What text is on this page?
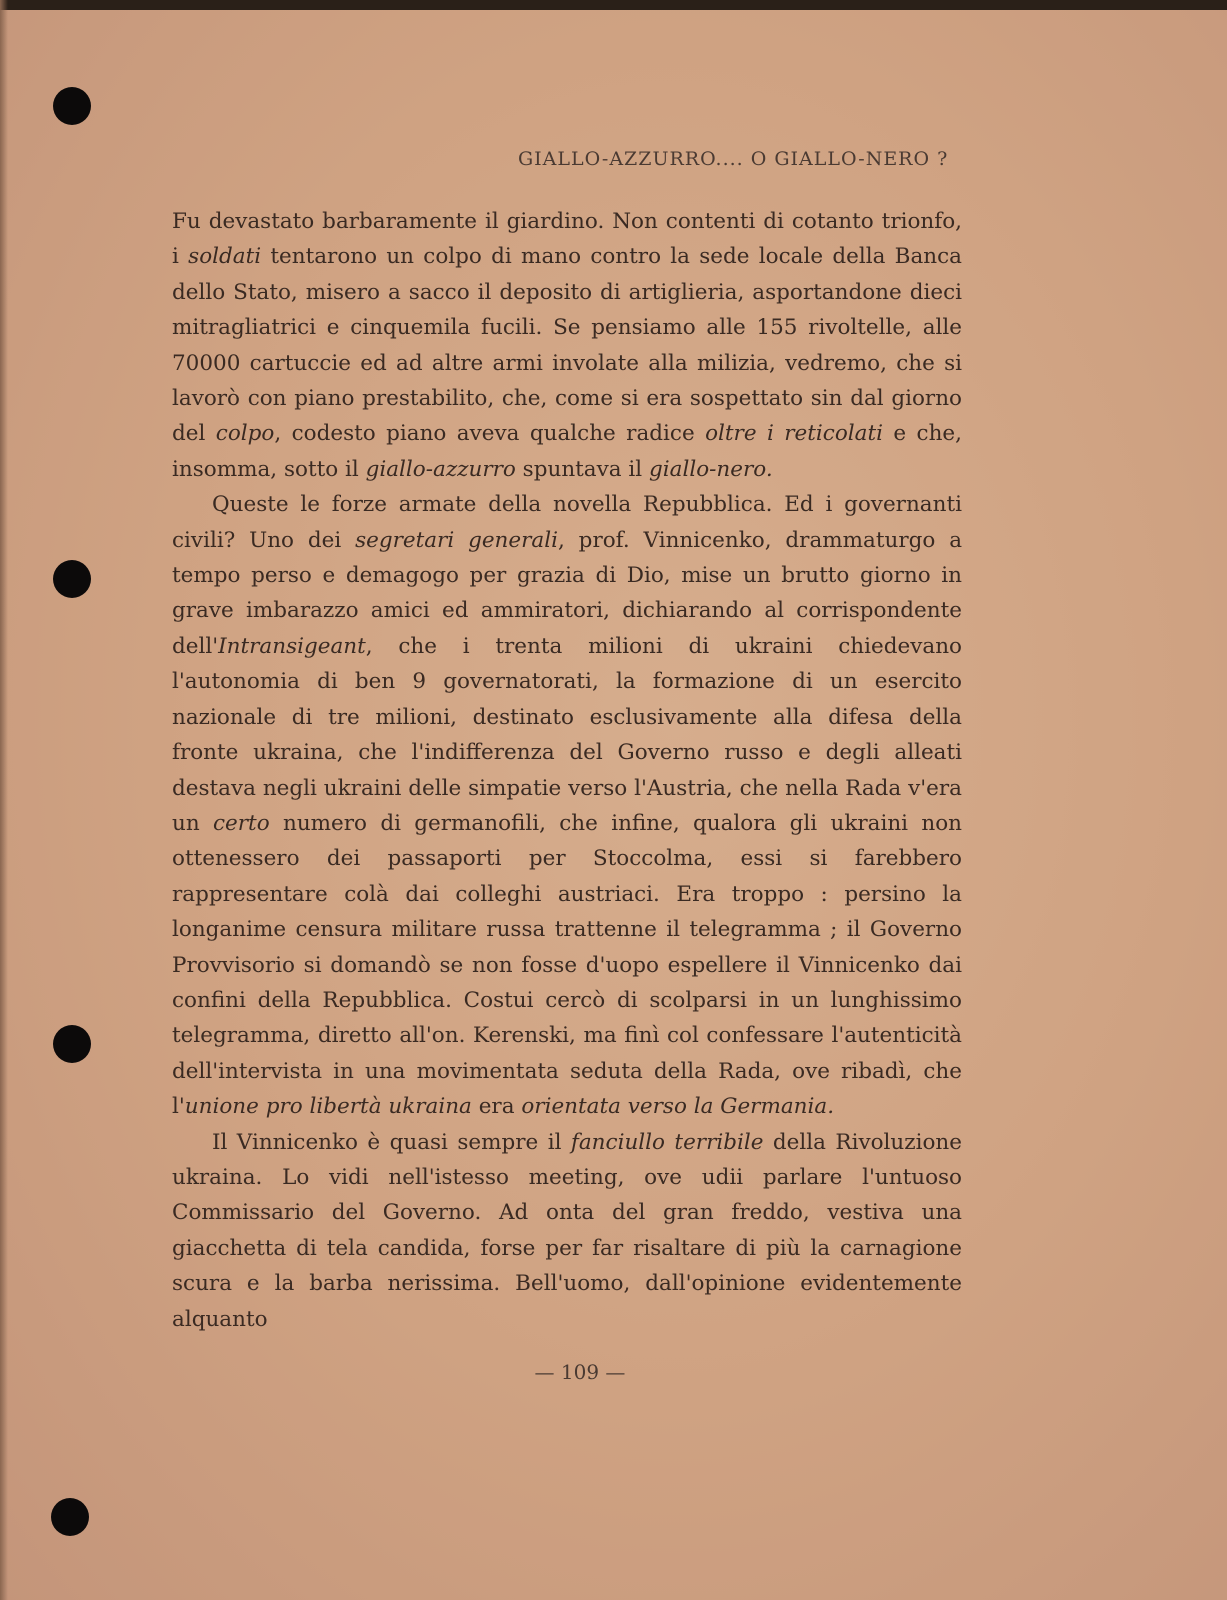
GIALLO-AZZURRO.... O GIALLO-NERO ?

Fu devastato barbaramente il giardino. Non contenti di cotanto trionfo, i soldati tentarono un colpo di mano contro la sede locale della Banca dello Stato, misero a sacco il deposito di artiglieria, asportandone dieci mitragliatrici e cinquemila fucili. Se pensiamo alle 155 rivoltelle, alle 70000 cartuccie ed ad altre armi involate alla milizia, vedremo, che si lavorò con piano prestabilito, che, come si era sospettato sin dal giorno del colpo, codesto piano aveva qualche radice oltre i reticolati e che, insomma, sotto il giallo-azzurro spuntava il giallo-nero.

Queste le forze armate della novella Repubblica. Ed i governanti civili? Uno dei segretari generali, prof. Vinnicenko, drammaturgo a tempo perso e demagogo per grazia di Dio, mise un brutto giorno in grave imbarazzo amici ed ammiratori, dichiarando al corrispondente dell'Intransigeant, che i trenta milioni di ukraini chiedevano l'autonomia di ben 9 governatorati, la formazione di un esercito nazionale di tre milioni, destinato esclusivamente alla difesa della fronte ukraina, che l'indifferenza del Governo russo e degli alleati destava negli ukraini delle simpatie verso l'Austria, che nella Rada v'era un certo numero di germanofili, che infine, qualora gli ukraini non ottenessero dei passaporti per Stoccolma, essi si farebbero rappresentare colà dai colleghi austriaci. Era troppo : persino la longanime censura militare russa trattenne il telegramma ; il Governo Provvisorio si domandò se non fosse d'uopo espellere il Vinnicenko dai confini della Repubblica. Costui cercò di scolparsi in un lunghissimo telegramma, diretto all'on. Kerenski, ma finì col confessare l'autenticità dell'intervista in una movimentata seduta della Rada, ove ribadì, che l'unione pro libertà ukraina era orientata verso la Germania.

Il Vinnicenko è quasi sempre il fanciullo terribile della Rivoluzione ukraina. Lo vidi nell'istesso meeting, ove udii parlare l'untuoso Commissario del Governo. Ad onta del gran freddo, vestiva una giacchetta di tela candida, forse per far risaltare di più la carnagione scura e la barba nerissima. Bell'uomo, dall'opinione evidentemente alquanto

— 109 —
